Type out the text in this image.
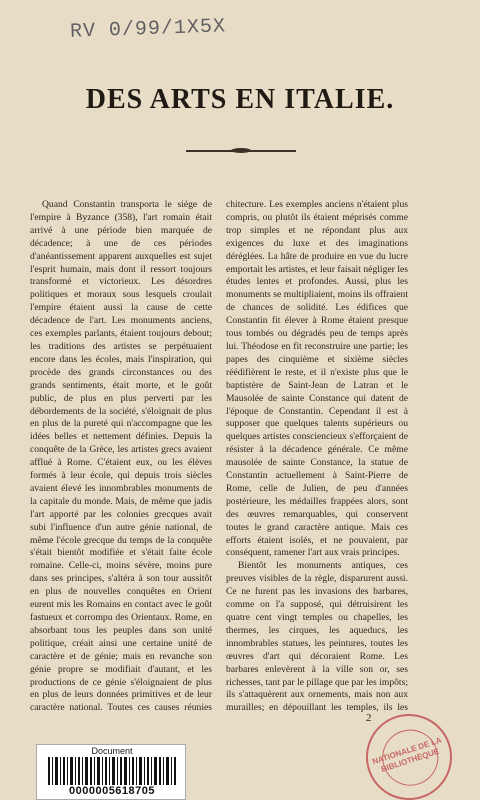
RV 0/99/1X5X
DES ARTS EN ITALIE.

Quand Constantin transporta le siége de l'empire à Byzance (358), l'art romain était arrivé à une période bien marquée de décadence; à une de ces périodes d'anéantissement apparent auxquelles est sujet l'esprit humain, mais dont il ressort toujours transformé et victorieux. Les désordres politiques et moraux sous lesquels croulait l'empire étaient aussi la cause de cette décadence de l'art. Les monuments anciens, ces exemples parlants, étaient toujours debout; les traditions des artistes se perpétuaient encore dans les écoles, mais l'inspiration, qui procède des grands circonstances ou des grands sentiments, était morte, et le goût public, de plus en plus perverti par les débordements de la société, s'éloignait de plus en plus de la pureté qui n'accompagne que les idées belles et nettement définies. Depuis la conquête de la Grèce, les artistes grecs avaient afflué à Rome. C'étaient eux, ou les élèves formés à leur école, qui depuis trois siècles avaient élevé les innombrables monuments de la capitale du monde. Mais, de même que jadis l'art apporté par les colonies grecques avait subi l'influence d'un autre génie national, de même l'école grecque du temps de la conquête s'était bientôt modifiée et s'était faite école romaine. Celle-ci, moins sévère, moins pure dans ses principes, s'altéra à son tour aussitôt en plus de nouvelles conquêtes en Orient eurent mis les Romains en contact avec le goût fastueux et corrompu des Orientaux. Rome, en absorbant tous les peuples dans son unité politique, créait ainsi une certaine unité de caractère et de génie; mais en revanche son génie propre se modifiait d'autant, et les productions de ce génie s'éloignaient de plus en plus de leurs données primitives et de leur caractère national. Toutes ces causes réunies

chitecture. Les exemples anciens n'étaient plus compris, ou plutôt ils étaient méprisés comme trop simples et ne répondant plus aux exigences du luxe et des imaginations déréglées. La hâte de produire en vue du lucre emportait les artistes, et leur faisait négliger les études lentes et profondes. Aussi, plus les monuments se multipliaient, moins ils offraient de chances de solidité. Les édifices que Constantin fit élever à Rome étaient presque tous tombés ou dégradés peu de temps après lui. Théodose en fit reconstruire une partie; les papes des cinquième et sixième siècles réédifièrent le reste, et il n'existe plus que le baptistère de Saint-Jean de Latran et le Mausolée de sainte Constance qui datent de l'époque de Constantin. Cependant il est à supposer que quelques talents supérieurs ou quelques artistes consciencieux s'efforçaient de résister à la décadence générale. Ce même mausolée de sainte Constance, la statue de Constantin actuellement à Saint-Pierre de Rome, celle de Julien, de peu d'années postérieure, les médailles frappées alors, sont des œuvres remarquables, qui conservent toutes le grand caractère antique. Mais ces efforts étaient isolés, et ne pouvaient, par conséquent, ramener l'art aux vrais principes.

Bientôt les monuments antiques, ces preuves visibles de la règle, disparurent aussi. Ce ne furent pas les invasions des barbares, comme on l'a supposé, qui détruisirent les quatre cent vingt temples ou chapelles, les thermes, les cirques, les aqueducs, les innombrables statues, les peintures, toutes les œuvres d'art qui décoraient Rome. Les barbares enlevèrent à la ville son or, ses richesses, tant par le pillage que par les impôts; ils s'attaquèrent aux ornements, mais non aux murailles; en dépouillant les temples, ils les

2
NATIONALE DE LA BIBLIOTHÈQUE
Document
0000005618705
